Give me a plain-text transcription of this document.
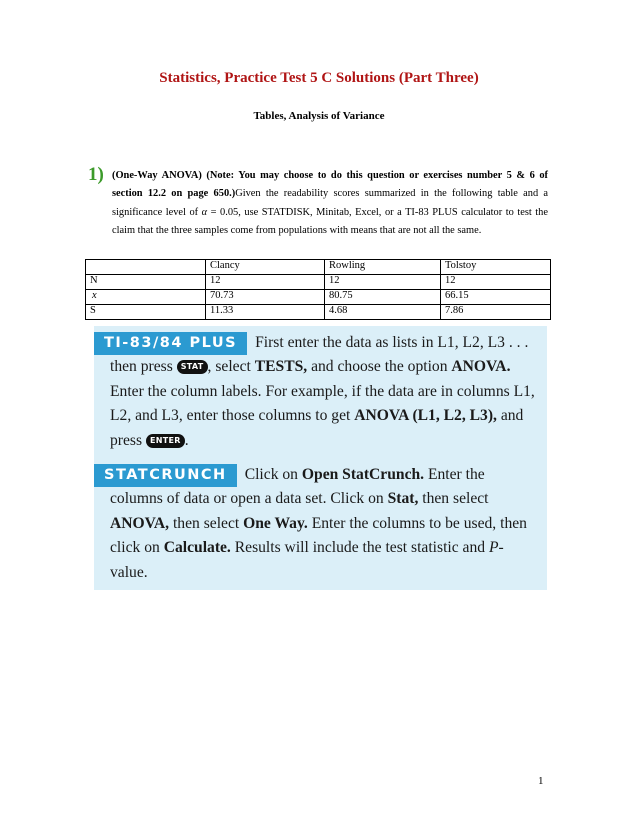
Statistics, Practice Test 5 C Solutions (Part Three)
Tables, Analysis of Variance
1) (One-Way ANOVA) (Note: You may choose to do this question or exercises number 5 & 6 of section 12.2 on page 650.)Given the readability scores summarized in the following table and a significance level of α = 0.05, use STATDISK, Minitab, Excel, or a TI-83 PLUS calculator to test the claim that the three samples come from populations with means that are not all the same.
	Clancy	Rowling	Tolstoy
N	12	12	12
$\overline{x}$	70.73	80.75	66.15
S	11.33	4.68	7.86
TI-83/84 PLUS First enter the data as lists in L1, L2, L3 . . . then press STAT , select TESTS, and choose the option ANOVA. Enter the column labels. For example, if the data are in columns L1, L2, and L3, enter those columns to get ANOVA (L1, L2, L3), and press ENTER .
STATCRUNCH Click on Open StatCrunch. Enter the columns of data or open a data set. Click on Stat, then select ANOVA, then select One Way. Enter the columns to be used, then click on Calculate. Results will include the test statistic and P-value.
1
